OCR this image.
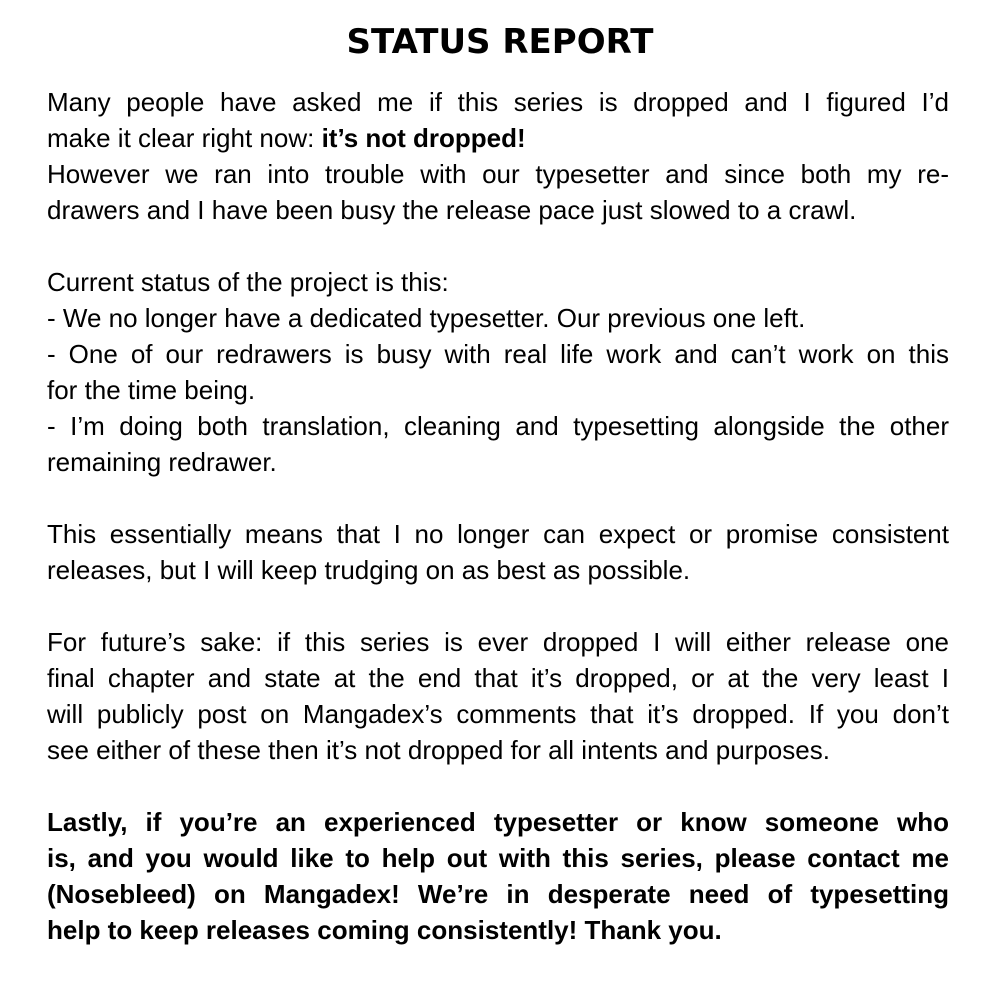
STATUS REPORT
Many people have asked me if this series is dropped and I figured I’d
make it clear right now: it’s not dropped!
However we ran into trouble with our typesetter and since both my re-
drawers and I have been busy the release pace just slowed to a crawl.
Current status of the project is this:
- We no longer have a dedicated typesetter. Our previous one left.
- One of our redrawers is busy with real life work and can’t work on this
for the time being.
- I’m doing both translation, cleaning and typesetting alongside the other
remaining redrawer.
This essentially means that I no longer can expect or promise consistent
releases, but I will keep trudging on as best as possible.
For future’s sake: if this series is ever dropped I will either release one
final chapter and state at the end that it’s dropped, or at the very least I
will publicly post on Mangadex’s comments that it’s dropped. If you don’t
see either of these then it’s not dropped for all intents and purposes.
Lastly, if you’re an experienced typesetter or know someone who
is, and you would like to help out with this series, please contact me
(Nosebleed) on Mangadex! We’re in desperate need of typesetting
help to keep releases coming consistently! Thank you.
